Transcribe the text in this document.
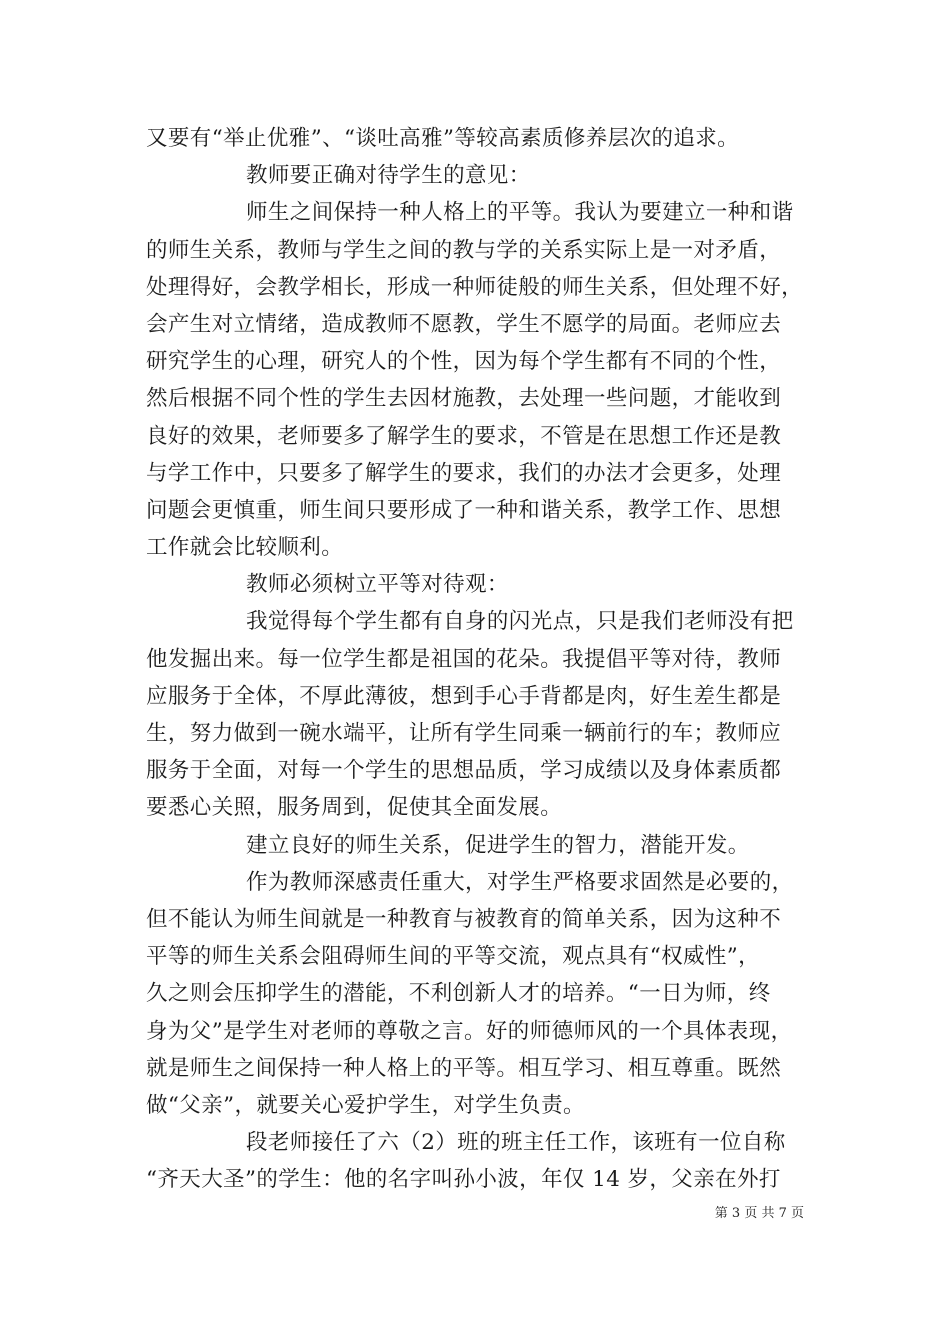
又要有“举止优雅”、“谈吐高雅”等较高素质修养层次的追求。
教师要正确对待学生的意见：
师生之间保持一种人格上的平等。我认为要建立一种和谐
的师生关系，教师与学生之间的教与学的关系实际上是一对矛盾，
处理得好，会教学相长，形成一种师徒般的师生关系，但处理不好，
会产生对立情绪，造成教师不愿教，学生不愿学的局面。老师应去
研究学生的心理，研究人的个性，因为每个学生都有不同的个性，
然后根据不同个性的学生去因材施教，去处理一些问题，才能收到
良好的效果，老师要多了解学生的要求，不管是在思想工作还是教
与学工作中，只要多了解学生的要求，我们的办法才会更多，处理
问题会更慎重，师生间只要形成了一种和谐关系，教学工作、思想
工作就会比较顺利。
教师必须树立平等对待观：
我觉得每个学生都有自身的闪光点，只是我们老师没有把
他发掘出来。每一位学生都是祖国的花朵。我提倡平等对待，教师
应服务于全体，不厚此薄彼，想到手心手背都是肉，好生差生都是
生，努力做到一碗水端平，让所有学生同乘一辆前行的车；教师应
服务于全面，对每一个学生的思想品质，学习成绩以及身体素质都
要悉心关照，服务周到，促使其全面发展。
建立良好的师生关系，促进学生的智力，潜能开发。
作为教师深感责任重大，对学生严格要求固然是必要的，
但不能认为师生间就是一种教育与被教育的简单关系，因为这种不
平等的师生关系会阻碍师生间的平等交流，观点具有“权威性”，
久之则会压抑学生的潜能，不利创新人才的培养。“一日为师，终
身为父”是学生对老师的尊敬之言。好的师德师风的一个具体表现，
就是师生之间保持一种人格上的平等。相互学习、相互尊重。既然
做“父亲”，就要关心爱护学生，对学生负责。
段老师接任了六（2）班的班主任工作，该班有一位自称
“齐天大圣”的学生：他的名字叫孙小波，年仅 14 岁，父亲在外打
第 3 页 共 7 页
